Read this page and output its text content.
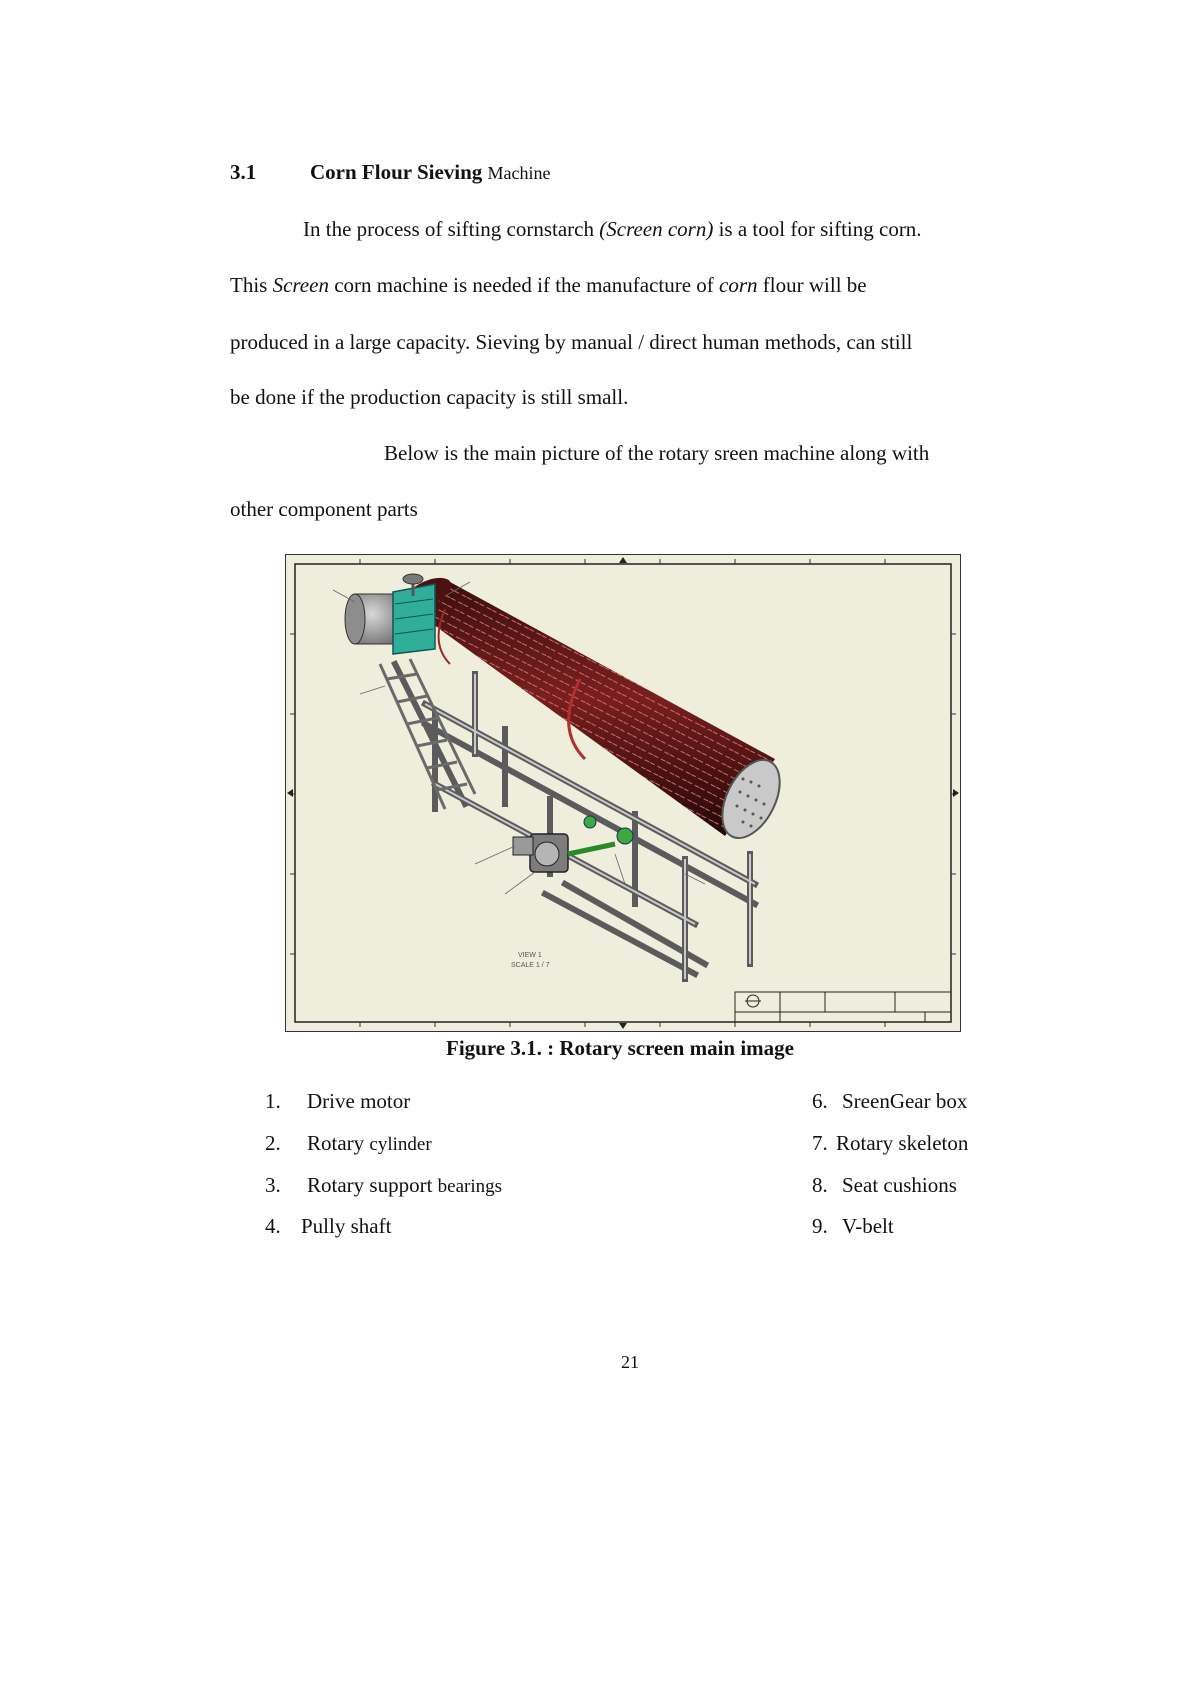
3.1	Corn Flour Sieving Machine
In the process of sifting cornstarch (Screen corn) is a tool for sifting corn.
This Screen corn machine is needed if the manufacture of corn flour will be
produced in a large capacity. Sieving by manual / direct human methods, can still
be done if the production capacity is still small.
Below is the main picture of the rotary sreen machine along with
other component parts
VIEW 1
SCALE 1 / 7
Figure 3.1. : Rotary screen main image
1. Drive motor
2. Rotary cylinder
3. Rotary support bearings
4. Pully shaft
6. SreenGear box
7. Rotary skeleton
8. Seat cushions
9. V-belt
21
